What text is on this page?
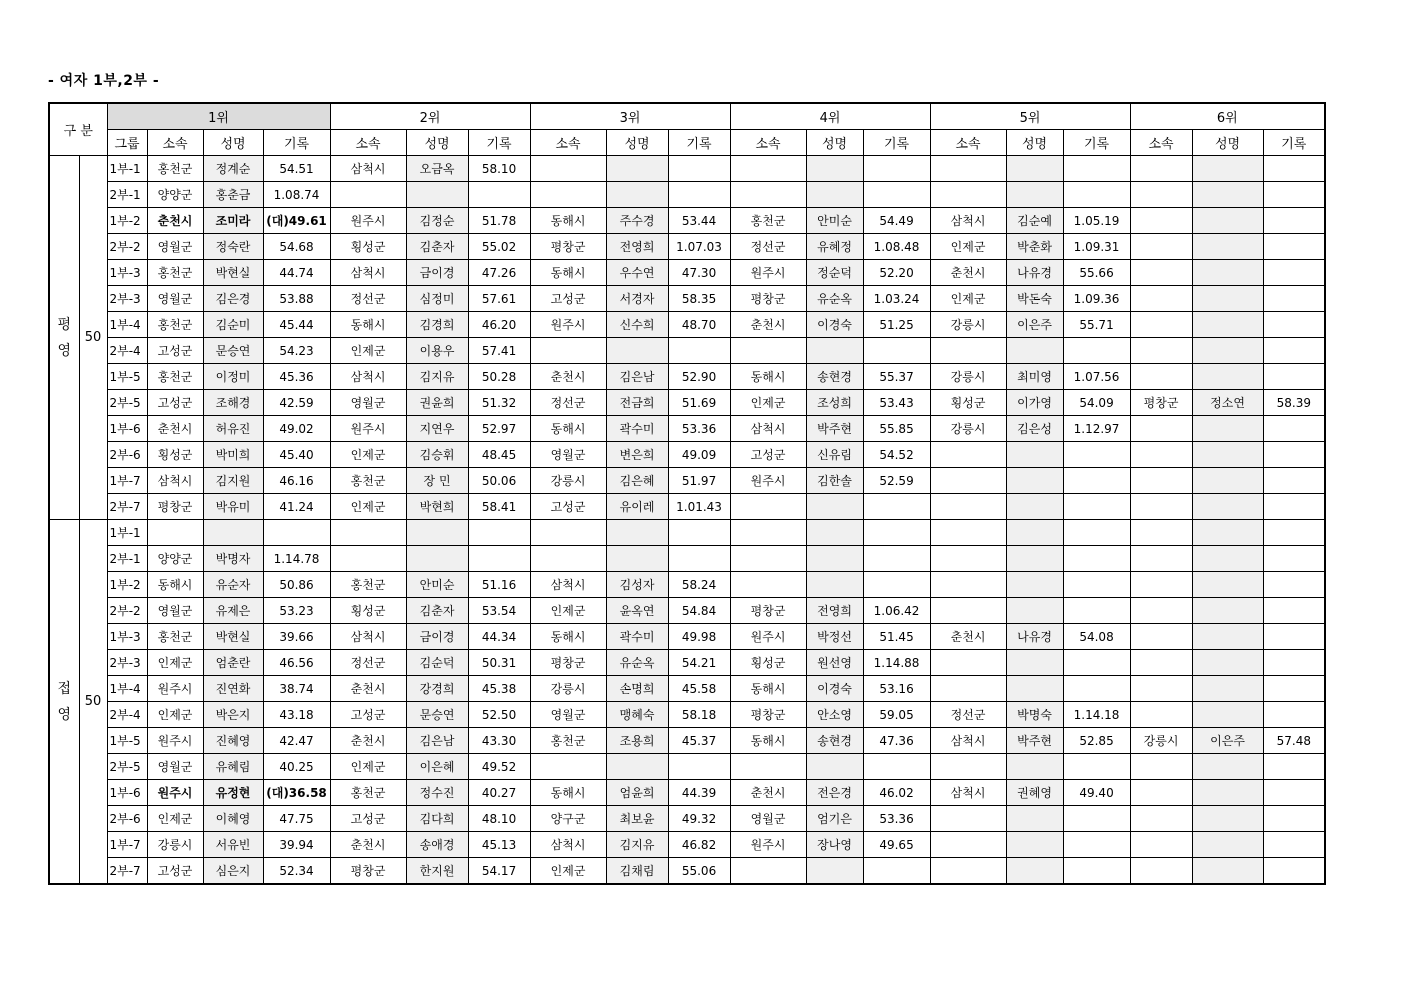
- 여자 1부,2부 -
구 분		1위				2위			3위			4위			5위			6위		
		그룹	소속	성명	기록	소속	성명	기록	소속	성명	기록	소속	성명	기록	소속	성명	기록	소속	성명	기록
평영	50	1부-1	홍천군	정계순	54.51	삼척시	오금옥	58.10												
		2부-1	양양군	홍춘금	1.08.74															
		1부-2	춘천시	조미라	(대)49.61	원주시	김정순	51.78	동해시	주수경	53.44	홍천군	안미순	54.49	삼척시	김순예	1.05.19			
		2부-2	영월군	정숙란	54.68	횡성군	김춘자	55.02	평창군	전영희	1.07.03	정선군	유혜정	1.08.48	인제군	박춘화	1.09.31			
		1부-3	홍천군	박현실	44.74	삼척시	금이경	47.26	동해시	우수연	47.30	원주시	정순덕	52.20	춘천시	나유경	55.66			
		2부-3	영월군	김은경	53.88	정선군	심정미	57.61	고성군	서경자	58.35	평창군	유순옥	1.03.24	인제군	박돈숙	1.09.36			
		1부-4	홍천군	김순미	45.44	동해시	김경희	46.20	원주시	신수희	48.70	춘천시	이경숙	51.25	강릉시	이은주	55.71			
		2부-4	고성군	문승연	54.23	인제군	이용우	57.41												
		1부-5	홍천군	이정미	45.36	삼척시	김지유	50.28	춘천시	김은남	52.90	동해시	송현경	55.37	강릉시	최미영	1.07.56			
		2부-5	고성군	조해경	42.59	영월군	권윤희	51.32	정선군	전금희	51.69	인제군	조성희	53.43	횡성군	이가영	54.09	평창군	정소연	58.39
		1부-6	춘천시	허유진	49.02	원주시	지연우	52.97	동해시	곽수미	53.36	삼척시	박주현	55.85	강릉시	김은성	1.12.97			
		2부-6	횡성군	박미희	45.40	인제군	김승휘	48.45	영월군	변은희	49.09	고성군	신유림	54.52						
		1부-7	삼척시	김지원	46.16	홍천군	장 민	50.06	강릉시	김은혜	51.97	원주시	김한솔	52.59						
		2부-7	평창군	박유미	41.24	인제군	박현희	58.41	고성군	유이레	1.01.43									
접영	50	1부-1																		
		2부-1	양양군	박명자	1.14.78															
		1부-2	동해시	유순자	50.86	홍천군	안미순	51.16	삼척시	김성자	58.24									
		2부-2	영월군	유제은	53.23	횡성군	김춘자	53.54	인제군	윤옥연	54.84	평창군	전영희	1.06.42						
		1부-3	홍천군	박현실	39.66	삼척시	금이경	44.34	동해시	곽수미	49.98	원주시	박정선	51.45	춘천시	나유경	54.08			
		2부-3	인제군	엄춘란	46.56	정선군	김순덕	50.31	평창군	유순옥	54.21	횡성군	원선영	1.14.88						
		1부-4	원주시	진연화	38.74	춘천시	강경희	45.38	강릉시	손명희	45.58	동해시	이경숙	53.16						
		2부-4	인제군	박은지	43.18	고성군	문승연	52.50	영월군	맹혜숙	58.18	평창군	안소영	59.05	정선군	박명숙	1.14.18			
		1부-5	원주시	진혜영	42.47	춘천시	김은남	43.30	홍천군	조용희	45.37	동해시	송현경	47.36	삼척시	박주현	52.85	강릉시	이은주	57.48
		2부-5	영월군	유혜림	40.25	인제군	이은혜	49.52												
		1부-6	원주시	유정현	(대)36.58	홍천군	정수진	40.27	동해시	엄윤희	44.39	춘천시	전은경	46.02	삼척시	권혜영	49.40			
		2부-6	인제군	이혜영	47.75	고성군	김다희	48.10	양구군	최보윤	49.32	영월군	엄기은	53.36						
		1부-7	강릉시	서유빈	39.94	춘천시	송애경	45.13	삼척시	김지유	46.82	원주시	장나영	49.65						
		2부-7	고성군	심은지	52.34	평창군	한지원	54.17	인제군	김채림	55.06									
